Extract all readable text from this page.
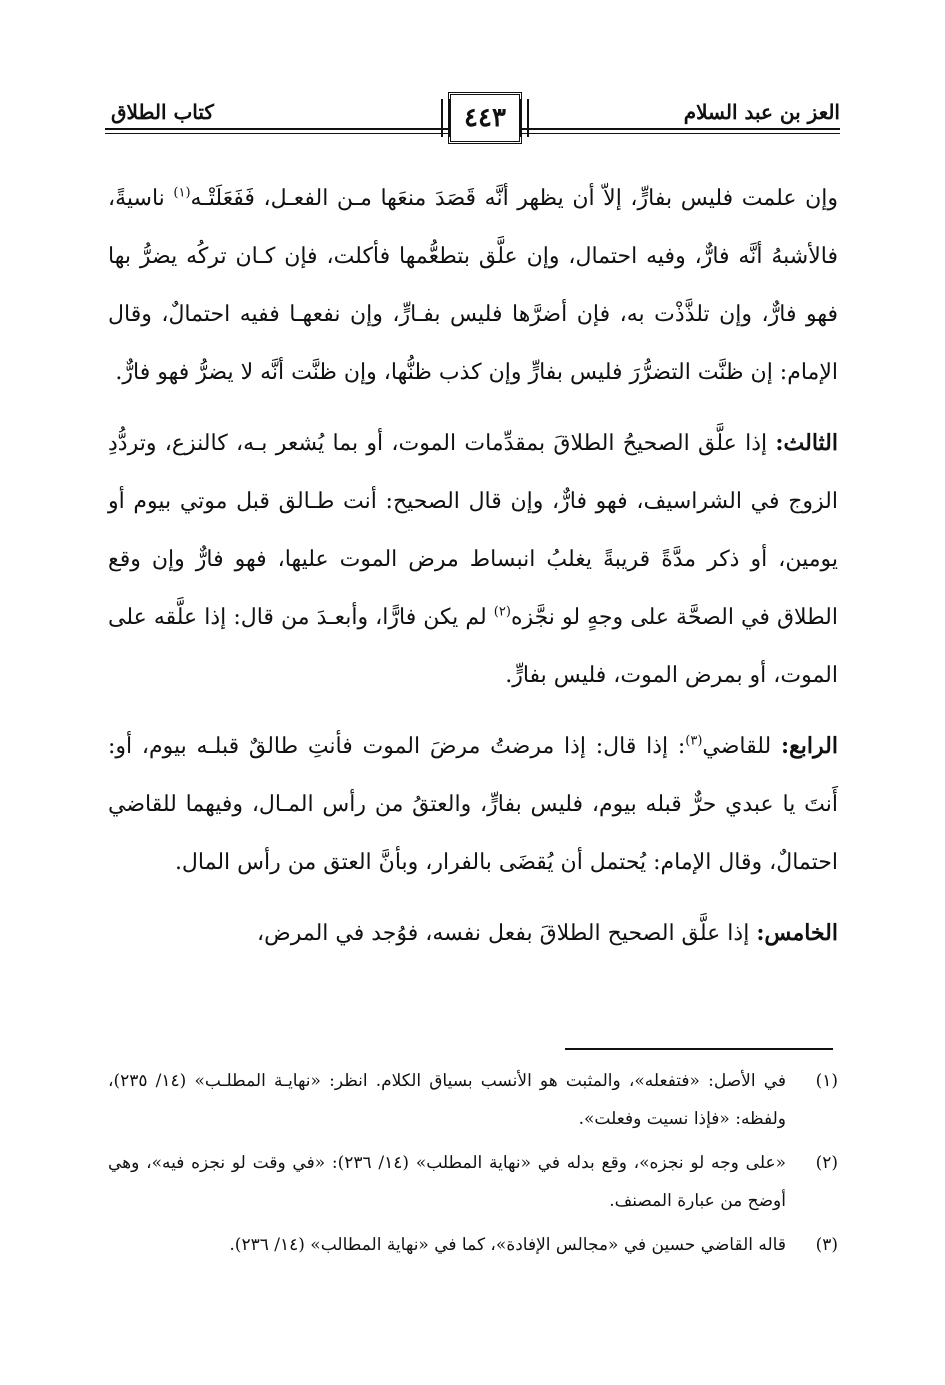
العز بن عبد السلام
٤٤٣
كتاب الطلاق

وإن علمت فليس بفارٍّ، إلاّ أن يظهر أنَّه قَصَدَ منعَها مـن الفعـل، فَفَعَلَتْـه$^{(١)}$ ناسيةً، فالأشبهُ أنَّه فارٌّ، وفيه احتمال، وإن علَّق بتطعُّمها فأكلت، فإن كـان تركُه يضرُّ بها فهو فارٌّ، وإن تلذَّذْت به، فإن أضرَّها فليس بفـارٍّ، وإن نفعهـا ففيه احتمالٌ، وقال الإمام: إن ظنَّت التضرُّرَ فليس بفارٍّ وإن كذب ظنُّها، وإن ظنَّت أنَّه لا يضرُّ فهو فارٌّ.

الثالث: إذا علَّق الصحيحُ الطلاقَ بمقدِّمات الموت، أو بما يُشعر بـه، كالنزع، وتردُّدِ الزوج في الشراسيف، فهو فارٌّ، وإن قال الصحيح: أنت طـالق قبل موتي بيوم أو يومين، أو ذكر مدَّةً قريبةً يغلبُ انبساط مرض الموت عليها، فهو فارٌّ وإن وقع الطلاق في الصحَّة على وجهٍ لو نجَّزه$^{(٢)}$ لم يكن فارًّا، وأبعـدَ من قال: إذا علَّقه على الموت، أو بمرض الموت، فليس بفارٍّ.

الرابع: للقاضي$^{(٣)}$: إذا قال: إذا مرضتُ مرضَ الموت فأنتِ طالقٌ قبلـه بيوم، أو: أَنتَ يا عبدي حرٌّ قبله بيوم، فليس بفارٍّ، والعتقُ من رأس المـال، وفيهما للقاضي احتمالٌ، وقال الإمام: يُحتمل أن يُقضَى بالفرار، وبأنَّ العتق من رأس المال.

الخامس: إذا علَّق الصحيح الطلاقَ بفعل نفسه، فوُجد في المرض،

(١)
في الأصل: «فتفعله»، والمثبت هو الأنسب بسياق الكلام. انظر: «نهايـة المطلـب» (١٤/ ٢٣٥)، ولفظه: «فإذا نسيت وفعلت».
(٢)
«على وجه لو نجزه»، وقع بدله في «نهاية المطلب» (١٤/ ٢٣٦): «في وقت لو نجزه فيه»، وهي أوضح من عبارة المصنف.
(٣)
قاله القاضي حسين في «مجالس الإفادة»، كما في «نهاية المطالب» (١٤/ ٢٣٦).
